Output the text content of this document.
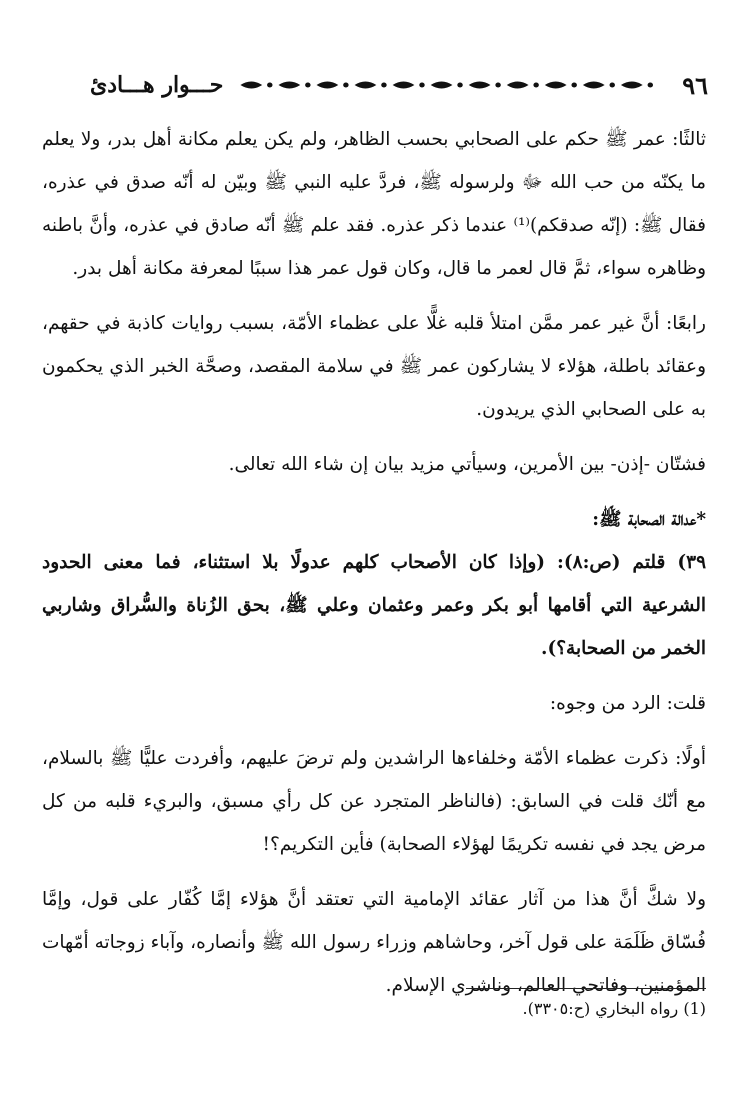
٩٦
حـــوار هـــادئ

ثالثًا: عمر ﷺ حكم على الصحابي بحسب الظاهر، ولم يكن يعلم مكانة أهل بدر، ولا يعلم ما يكنّه من حب الله ﷻ ولرسوله ﷺ، فردَّ عليه النبي ﷺ وبيّن له أنّه صدق في عذره، فقال ﷺ: (إنّه صدقكم)⁽¹⁾ عندما ذكر عذره. فقد علم ﷺ أنّه صادق في عذره، وأنَّ باطنه وظاهره سواء، ثمَّ قال لعمر ما قال، وكان قول عمر هذا سببًا لمعرفة مكانة أهل بدر.

رابعًا: أنَّ غير عمر ممَّن امتلأ قلبه غلًّا على عظماء الأمّة، بسبب روايات كاذبة في حقهم، وعقائد باطلة، هؤلاء لا يشاركون عمر ﷺ في سلامة المقصد، وصحَّة الخبر الذي يحكمون به على الصحابي الذي يريدون.

فشتّان -إذن- بين الأمرين، وسيأتي مزيد بيان إن شاء الله تعالى.

*عدالة الصحابة ﷺ:

٣٩) قلتم (ص:٨): (وإذا كان الأصحاب كلهم عدولًا بلا استثناء، فما معنى الحدود الشرعية التي أقامها أبو بكر وعمر وعثمان وعلي ﷺ، بحق الزُناة والسُّراق وشاربي الخمر من الصحابة؟).

قلت: الرد من وجوه:

أولًا: ذكرت عظماء الأمّة وخلفاءها الراشدين ولم ترضَ عليهم، وأفردت عليًّا ﷺ بالسلام، مع أنّك قلت في السابق: (فالناظر المتجرد عن كل رأي مسبق، والبريء قلبه من كل مرض يجد في نفسه تكريمًا لهؤلاء الصحابة) فأين التكريم؟!

ولا شكَّ أنَّ هذا من آثار عقائد الإمامية التي تعتقد أنَّ هؤلاء إمَّا كُفّار على قول، وإمَّا فُسّاق ظَلَمَة على قول آخر، وحاشاهم وزراء رسول الله ﷺ وأنصاره، وآباء زوجاته أمّهات المؤمنين، وفاتحي العالم، وناشري الإسلام.

(1) رواه البخاري (ح:٣٣٠٥).
